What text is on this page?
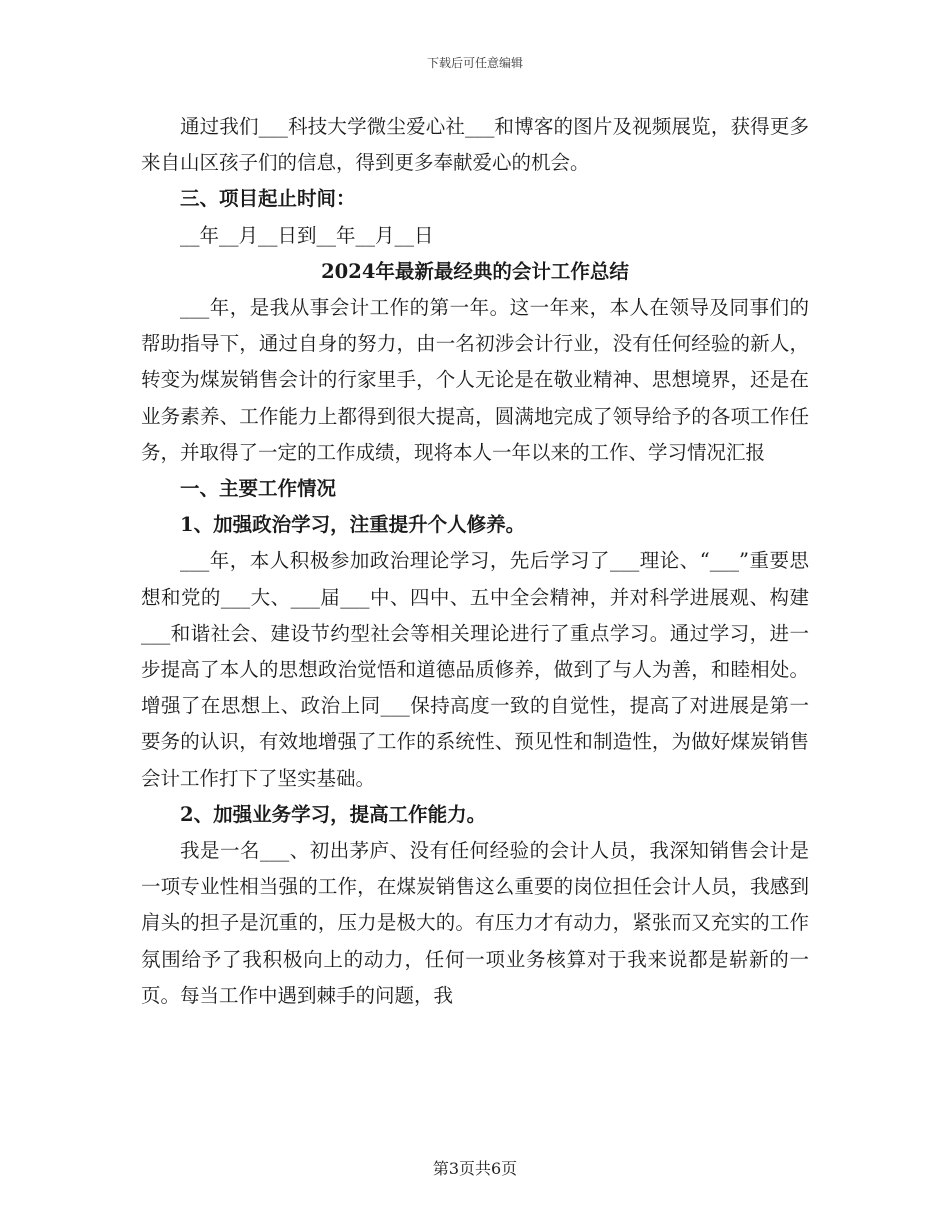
下载后可任意编辑

通过我们___科技大学微尘爱心社___和博客的图片及视频展览，获得更多来自山区孩子们的信息，得到更多奉献爱心的机会。

三、项目起止时间：

__年__月__日到__年__月__日

2024年最新最经典的会计工作总结

___年，是我从事会计工作的第一年。这一年来，本人在领导及同事们的帮助指导下，通过自身的努力，由一名初涉会计行业，没有任何经验的新人，转变为煤炭销售会计的行家里手，个人无论是在敬业精神、思想境界，还是在业务素养、工作能力上都得到很大提高，圆满地完成了领导给予的各项工作任务，并取得了一定的工作成绩，现将本人一年以来的工作、学习情况汇报

一、主要工作情况

1、加强政治学习，注重提升个人修养。

___年，本人积极参加政治理论学习，先后学习了___理论、“___”重要思想和党的___大、___届___中、四中、五中全会精神，并对科学进展观、构建___和谐社会、建设节约型社会等相关理论进行了重点学习。通过学习，进一步提高了本人的思想政治觉悟和道德品质修养，做到了与人为善，和睦相处。增强了在思想上、政治上同___保持高度一致的自觉性，提高了对进展是第一要务的认识，有效地增强了工作的系统性、预见性和制造性，为做好煤炭销售会计工作打下了坚实基础。

2、加强业务学习，提高工作能力。

我是一名___、初出茅庐、没有任何经验的会计人员，我深知销售会计是一项专业性相当强的工作，在煤炭销售这么重要的岗位担任会计人员，我感到肩头的担子是沉重的，压力是极大的。有压力才有动力，紧张而又充实的工作氛围给予了我积极向上的动力，任何一项业务核算对于我来说都是崭新的一页。每当工作中遇到棘手的问题，我

第3页共6页
